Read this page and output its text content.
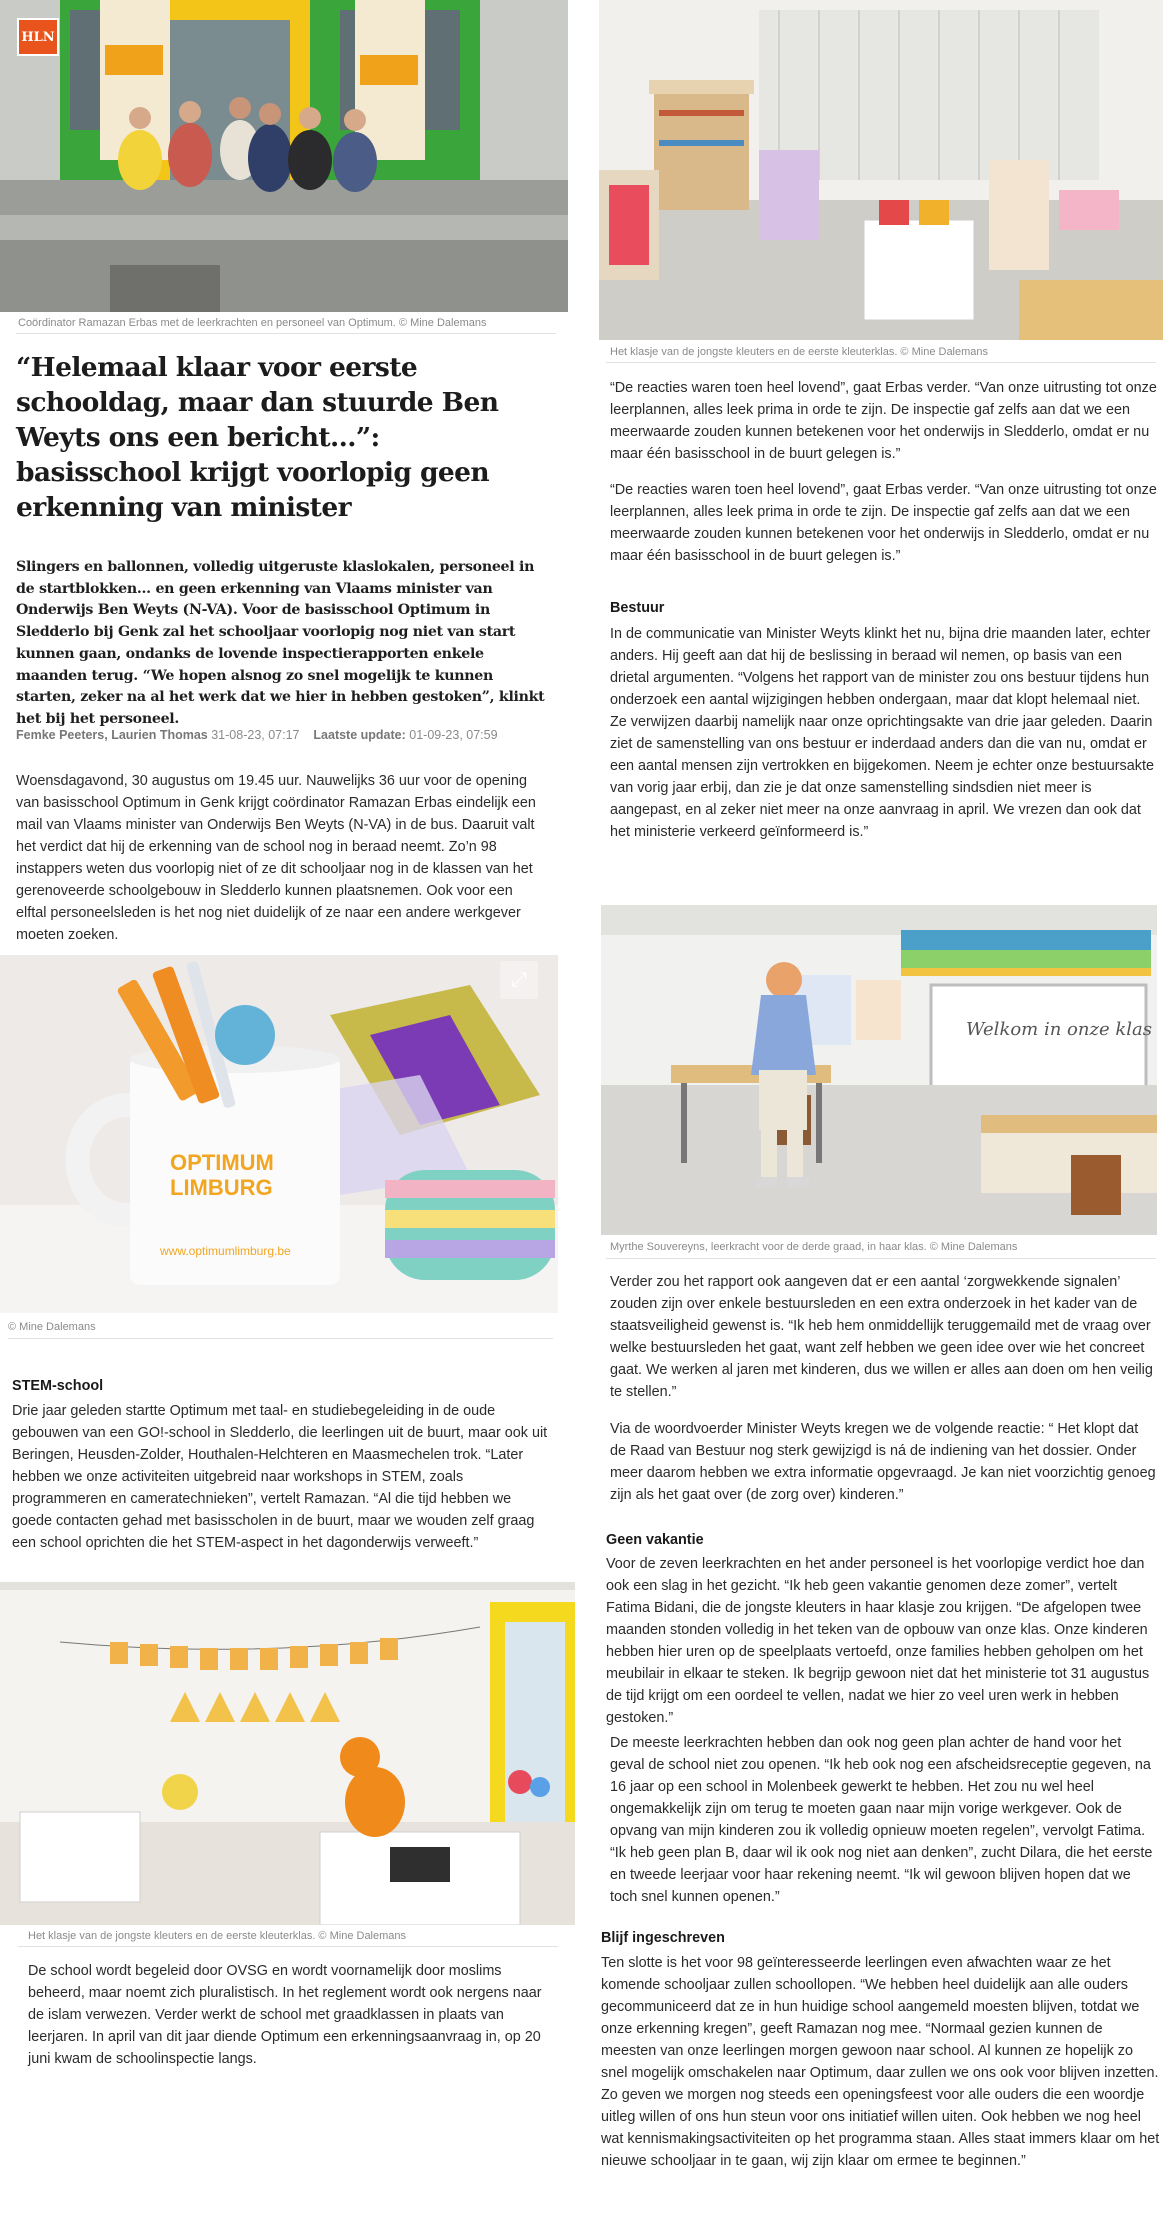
HLN
Coördinator Ramazan Erbas met de leerkrachten en personeel van Optimum. © Mine Dalemans
“Helemaal klaar voor eerste schooldag, maar dan stuurde Ben Weyts ons een bericht…”: basisschool krijgt voorlopig geen erkenning van minister

Slingers en ballonnen, volledig uitgeruste klaslokalen, personeel in de startblokken… en geen erkenning van Vlaams minister van Onderwijs Ben Weyts (N-VA). Voor de basisschool Optimum in Sledderlo bij Genk zal het schooljaar voorlopig nog niet van start kunnen gaan, ondanks de lovende inspectierapporten enkele maanden terug. “We hopen alsnog zo snel mogelijk te kunnen starten, zeker na al het werk dat we hier in hebben gestoken”, klinkt het bij het personeel.

Femke Peeters, Laurien Thomas 31-08-23, 07:17 Laatste update: 01-09-23, 07:59

Woensdagavond, 30 augustus om 19.45 uur. Nauwelijks 36 uur voor de opening van basisschool Optimum in Genk krijgt coördinator Ramazan Erbas eindelijk een mail van Vlaams minister van Onderwijs Ben Weyts (N-VA) in de bus. Daaruit valt het verdict dat hij de erkenning van de school nog in beraad neemt. Zo’n 98 instappers weten dus voorlopig niet of ze dit schooljaar nog in de klassen van het gerenoveerde schoolgebouw in Sledderlo kunnen plaatsnemen. Ook voor een elftal personeelsleden is het nog niet duidelijk of ze naar een andere werkgever moeten zoeken.

OPTIMUM
LIMBURG
www.optimumlimburg.be
⤢
© Mine Dalemans
STEM-school

Drie jaar geleden startte Optimum met taal- en studiebegeleiding in de oude gebouwen van een GO!-school in Sledderlo, die leerlingen uit de buurt, maar ook uit Beringen, Heusden-Zolder, Houthalen-Helchteren en Maasmechelen trok. “Later hebben we onze activiteiten uitgebreid naar workshops in STEM, zoals programmeren en cameratechnieken”, vertelt Ramazan. “Al die tijd hebben we goede contacten gehad met basisscholen in de buurt, maar we wouden zelf graag een school oprichten die het STEM-aspect in het dagonderwijs verweeft.”

Het klasje van de jongste kleuters en de eerste kleuterklas. © Mine Dalemans

De school wordt begeleid door OVSG en wordt voornamelijk door moslims beheerd, maar noemt zich pluralistisch. In het reglement wordt ook nergens naar de islam verwezen. Verder werkt de school met graadklassen in plaats van leerjaren. In april van dit jaar diende Optimum een erkenningsaanvraag in, op 20 juni kwam de schoolinspectie langs.

Het klasje van de jongste kleuters en de eerste kleuterklas. © Mine Dalemans

“De reacties waren toen heel lovend”, gaat Erbas verder. “Van onze uitrusting tot onze leerplannen, alles leek prima in orde te zijn. De inspectie gaf zelfs aan dat we een meerwaarde zouden kunnen betekenen voor het onderwijs in Sledderlo, omdat er nu maar één basisschool in de buurt gelegen is.”

“De reacties waren toen heel lovend”, gaat Erbas verder. “Van onze uitrusting tot onze leerplannen, alles leek prima in orde te zijn. De inspectie gaf zelfs aan dat we een meerwaarde zouden kunnen betekenen voor het onderwijs in Sledderlo, omdat er nu maar één basisschool in de buurt gelegen is.”

Bestuur

In de communicatie van Minister Weyts klinkt het nu, bijna drie maanden later, echter anders. Hij geeft aan dat hij de beslissing in beraad wil nemen, op basis van een drietal argumenten. “Volgens het rapport van de minister zou ons bestuur tijdens hun onderzoek een aantal wijzigingen hebben ondergaan, maar dat klopt helemaal niet. Ze verwijzen daarbij namelijk naar onze oprichtingsakte van drie jaar geleden. Daarin ziet de samenstelling van ons bestuur er inderdaad anders dan die van nu, omdat er een aantal mensen zijn vertrokken en bijgekomen. Neem je echter onze bestuursakte van vorig jaar erbij, dan zie je dat onze samenstelling sindsdien niet meer is aangepast, en al zeker niet meer na onze aanvraag in april. We vrezen dan ook dat het ministerie verkeerd geïnformeerd is.”

Welkom in onze klas
Myrthe Souvereyns, leerkracht voor de derde graad, in haar klas. © Mine Dalemans

Verder zou het rapport ook aangeven dat er een aantal ‘zorgwekkende signalen’ zouden zijn over enkele bestuursleden en een extra onderzoek in het kader van de staatsveiligheid gewenst is. “Ik heb hem onmiddellijk teruggemaild met de vraag over welke bestuursleden het gaat, want zelf hebben we geen idee over wie het concreet gaat. We werken al jaren met kinderen, dus we willen er alles aan doen om hen veilig te stellen.”

Via de woordvoerder Minister Weyts kregen we de volgende reactie: “ Het klopt dat de Raad van Bestuur nog sterk gewijzigd is ná de indiening van het dossier. Onder meer daarom hebben we extra informatie opgevraagd. Je kan niet voorzichtig genoeg zijn als het gaat over (de zorg over) kinderen.”

Geen vakantie

Voor de zeven leerkrachten en het ander personeel is het voorlopige verdict hoe dan ook een slag in het gezicht. “Ik heb geen vakantie genomen deze zomer”, vertelt Fatima Bidani, die de jongste kleuters in haar klasje zou krijgen. “De afgelopen twee maanden stonden volledig in het teken van de opbouw van onze klas. Onze kinderen hebben hier uren op de speelplaats vertoefd, onze families hebben geholpen om het meubilair in elkaar te steken. Ik begrijp gewoon niet dat het ministerie tot 31 augustus de tijd krijgt om een oordeel te vellen, nadat we hier zo veel uren werk in hebben gestoken.”

De meeste leerkrachten hebben dan ook nog geen plan achter de hand voor het geval de school niet zou openen. “Ik heb ook nog een afscheidsreceptie gegeven, na 16 jaar op een school in Molenbeek gewerkt te hebben. Het zou nu wel heel ongemakkelijk zijn om terug te moeten gaan naar mijn vorige werkgever. Ook de opvang van mijn kinderen zou ik volledig opnieuw moeten regelen”, vervolgt Fatima. “Ik heb geen plan B, daar wil ik ook nog niet aan denken”, zucht Dilara, die het eerste en tweede leerjaar voor haar rekening neemt. “Ik wil gewoon blijven hopen dat we toch snel kunnen openen.”

Blijf ingeschreven

Ten slotte is het voor 98 geïnteresseerde leerlingen even afwachten waar ze het komende schooljaar zullen schoollopen. “We hebben heel duidelijk aan alle ouders gecommuniceerd dat ze in hun huidige school aangemeld moesten blijven, totdat we onze erkenning kregen”, geeft Ramazan nog mee. “Normaal gezien kunnen de meesten van onze leerlingen morgen gewoon naar school. Al kunnen ze hopelijk zo snel mogelijk omschakelen naar Optimum, daar zullen we ons ook voor blijven inzetten. Zo geven we morgen nog steeds een openingsfeest voor alle ouders die een woordje uitleg willen of ons hun steun voor ons initiatief willen uiten. Ook hebben we nog heel wat kennismakingsactiviteiten op het programma staan. Alles staat immers klaar om het nieuwe schooljaar in te gaan, wij zijn klaar om ermee te beginnen.”
